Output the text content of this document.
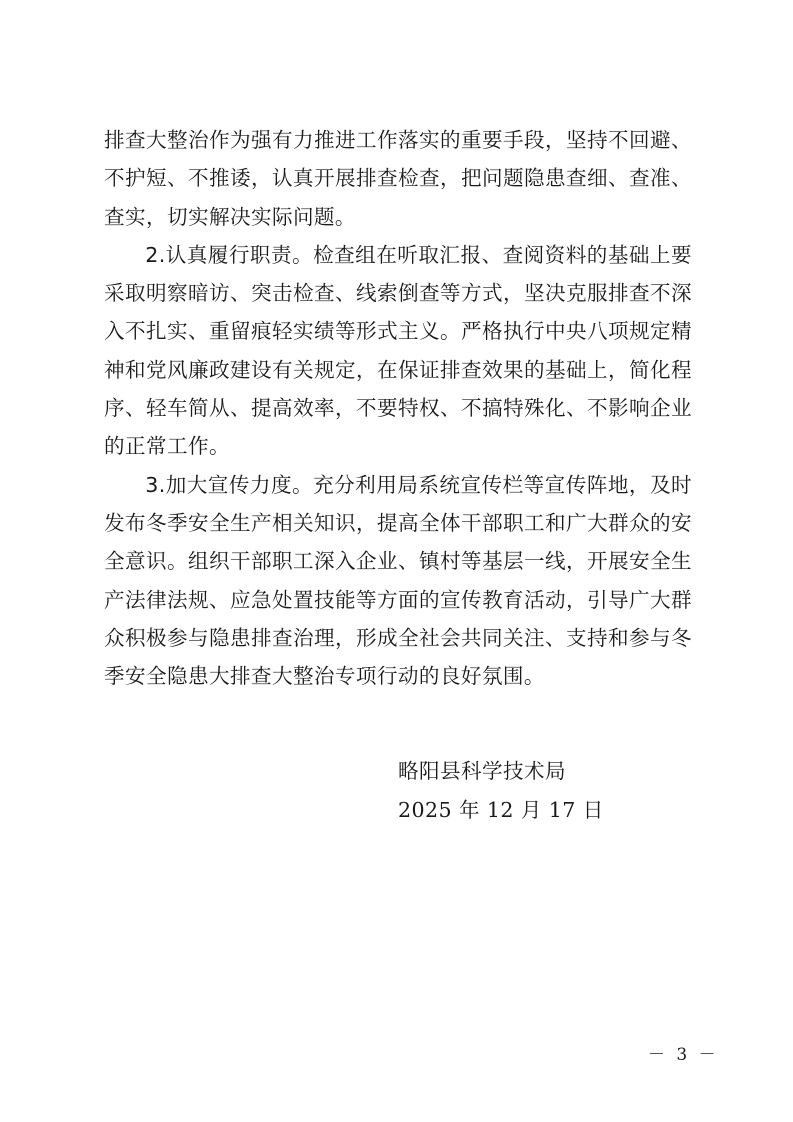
排查大整治作为强有力推进工作落实的重要手段，坚持不回避、不护短、不推诿，认真开展排查检查，把问题隐患查细、查准、查实，切实解决实际问题。

2.认真履行职责。检查组在听取汇报、查阅资料的基础上要采取明察暗访、突击检查、线索倒查等方式，坚决克服排查不深入不扎实、重留痕轻实绩等形式主义。严格执行中央八项规定精神和党风廉政建设有关规定，在保证排查效果的基础上，简化程序、轻车简从、提高效率，不要特权、不搞特殊化、不影响企业的正常工作。

3.加大宣传力度。充分利用局系统宣传栏等宣传阵地，及时发布冬季安全生产相关知识，提高全体干部职工和广大群众的安全意识。组织干部职工深入企业、镇村等基层一线，开展安全生产法律法规、应急处置技能等方面的宣传教育活动，引导广大群众积极参与隐患排查治理，形成全社会共同关注、支持和参与冬季安全隐患大排查大整治专项行动的良好氛围。

略阳县科学技术局
2025 年 12 月 17 日
－ 3 －
